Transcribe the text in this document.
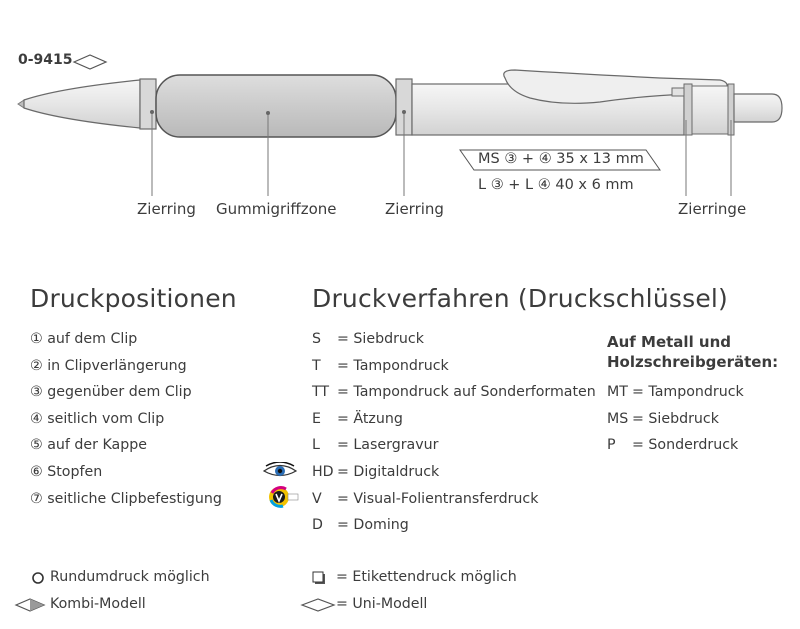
0-9415
Zierring Gummigriffzone	Zierring	Zierringe
MS ③ + ④ 35 x 13 mm
L ③ + L ④ 40 x 6 mm
Druckpositionen
① auf dem Clip
② in Clipverlängerung
③ gegenüber dem Clip
④ seitlich vom Clip
⑤ auf der Kappe
⑥ Stopfen
⑦ seitliche Clipbefestigung
Druckverfahren (Druckschlüssel)
S = Siebdruck
T = Tampondruck
TT = Tampondruck auf Sonderformaten
E = Ätzung
L = Lasergravur
HD = Digitaldruck
V = Visual-Folientransferdruck
D = Doming
Auf Metall und
Holzschreibgeräten:
MT = Tampondruck
MS = Siebdruck
P = Sonderdruck
Rundumdruck möglich	= Etikettendruck möglich
Kombi-Modell	= Uni-Modell
